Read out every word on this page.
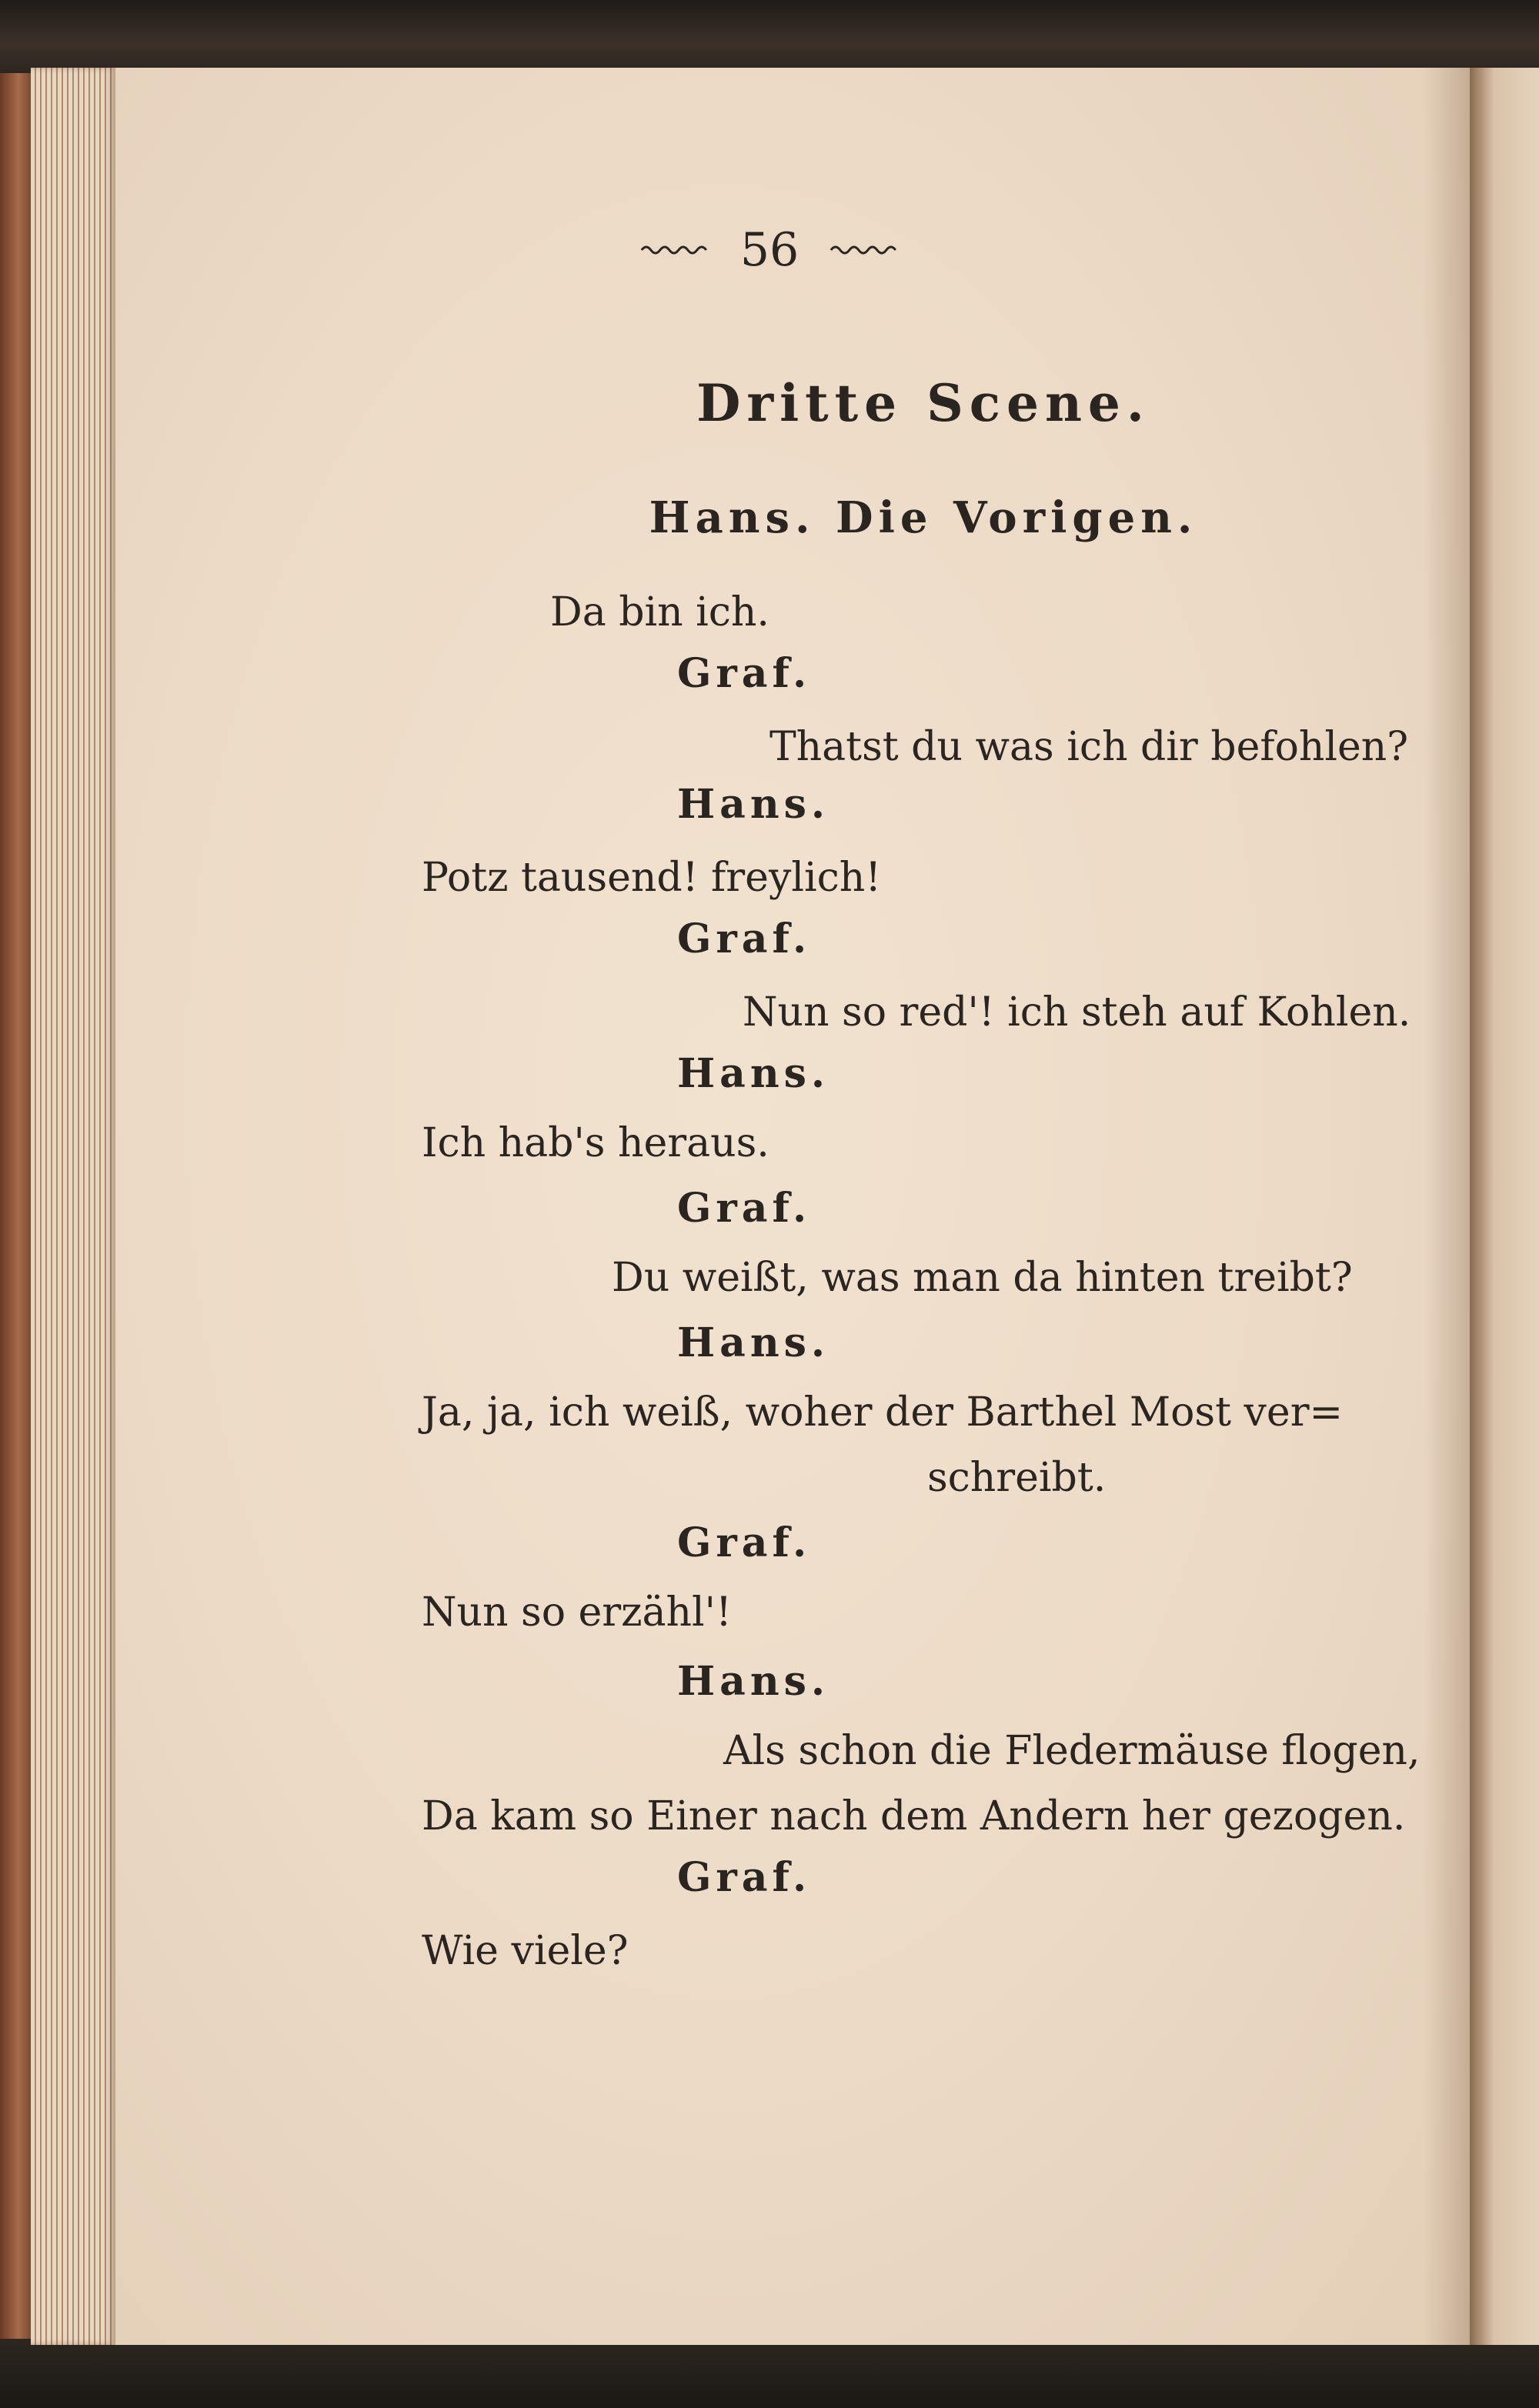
56
Dritte Scene.

Hans. Die Vorigen.

Da bin ich.

Graf.

Thatst du was ich dir befohlen?

Hans.

Potz tausend! freylich!

Graf.

Nun so red'! ich steh auf Kohlen.

Hans.

Ich hab's heraus.

Graf.

Du weißt, was man da hinten treibt?

Hans.

Ja, ja, ich weiß, woher der Barthel Most ver=

schreibt.

Graf.

Nun so erzähl'!

Hans.

Als schon die Fledermäuse flogen,

Da kam so Einer nach dem Andern her gezogen.

Graf.

Wie viele?
